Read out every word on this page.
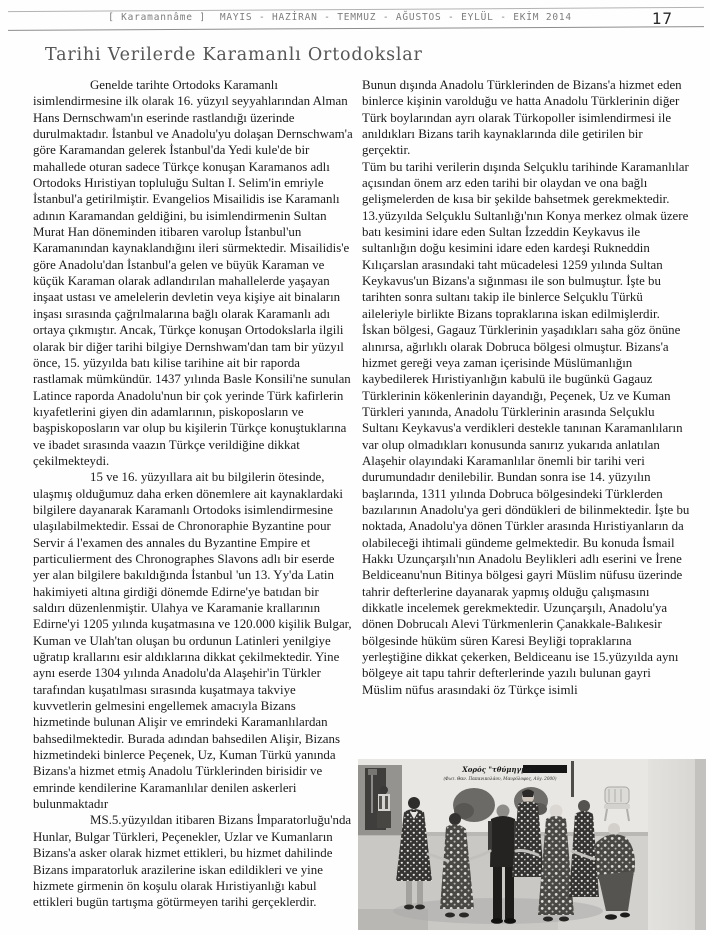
[ Karamannâme ] MAYIS - HAZİRAN - TEMMUZ - AĞUSTOS - EYLÜL - EKİM 2014	17
Tarihi Verilerde Karamanlı Ortodokslar

Genelde tarihte Ortodoks Karamanlı isimlendirmesine ilk olarak 16. yüzyıl seyyahlarından Alman Hans Dernschwam'ın eserinde rastlandığı üzerinde durulmaktadır. İstanbul ve Anadolu'yu dolaşan Dernschwam'a göre Karamandan gelerek İstanbul'da Yedi kule'de bir mahallede oturan sadece Türkçe konuşan Karamanos adlı Ortodoks Hıristiyan topluluğu Sultan I. Selim'in emriyle İstanbul'a getirilmiştir. Evangelios Misailidis ise Karamanlı adının Karamandan geldiğini, bu isimlendirmenin Sultan Murat Han döneminden itibaren varolup İstanbul'un Karamanından kaynaklandığını ileri sürmektedir. Misailidis'e göre Anadolu'dan İstanbul'a gelen ve büyük Karaman ve küçük Karaman olarak adlandırılan mahallelerde yaşayan inşaat ustası ve amelelerin devletin veya kişiye ait binaların inşası sırasında çağrılmalarına bağlı olarak Karamanlı adı ortaya çıkmıştır. Ancak, Türkçe konuşan Ortodokslarla ilgili olarak bir diğer tarihi bilgiye Dernshwam'dan tam bir yüzyıl önce, 15. yüzyılda batı kilise tarihine ait bir raporda rastlamak mümkündür. 1437 yılında Basle Konsili'ne sunulan Latince raporda Anadolu'nun bir çok yerinde Türk kafirlerin kıyafetlerini giyen din adamlarının, piskoposların ve başpiskoposların var olup bu kişilerin Türkçe konuştuklarına ve ibadet sırasında vaazın Türkçe verildiğine dikkat çekilmekteydi.

15 ve 16. yüzyıllara ait bu bilgilerin ötesinde, ulaşmış olduğumuz daha erken dönemlere ait kaynaklardaki bilgilere dayanarak Karamanlı Ortodoks isimlendirmesine ulaşılabilmektedir. Essai de Chronoraphie Byzantine pour Servir á l'examen des annales du Byzantine Empire et particulierment des Chronographes Slavons adlı bir eserde yer alan bilgilere bakıldığında İstanbul 'un 13. Yy'da Latin hakimiyeti altına girdiği dönemde Edirne'ye batıdan bir saldırı düzenlenmiştir. Ulahya ve Karamanie krallarının Edirne'yi 1205 yılında kuşatmasına ve 120.000 kişilik Bulgar, Kuman ve Ulah'tan oluşan bu ordunun Latinleri yenilgiye uğratıp krallarını esir aldıklarına dikkat çekilmektedir. Yine aynı eserde 1304 yılında Anadolu'da Alaşehir'in Türkler tarafından kuşatılması sırasında kuşatmaya takviye kuvvetlerin gelmesini engellemek amacıyla Bizans hizmetinde bulunan Alişir ve emrindeki Karamanlılardan bahsedilmektedir. Burada adından bahsedilen Alişir, Bizans hizmetindeki binlerce Peçenek, Uz, Kuman Türkü yanında Bizans'a hizmet etmiş Anadolu Türklerinden birisidir ve emrinde kendilerine Karamanlılar denilen askerleri bulunmaktadır

MS.5.yüzyıldan itibaren Bizans İmparatorluğu'nda Hunlar, Bulgar Türkleri, Peçenekler, Uzlar ve Kumanların Bizans'a asker olarak hizmet ettikleri, bu hizmet dahilinde Bizans imparatorluk arazilerine iskan edildikleri ve yine hizmete girmenin ön koşulu olarak Hıristiyanlığı kabul ettikleri bugün tartışma götürmeyen tarihi gerçeklerdir.

Bunun dışında Anadolu Türklerinden de Bizans'a hizmet eden binlerce kişinin varolduğu ve hatta Anadolu Türklerinin diğer Türk boylarından ayrı olarak Türkopoller isimlendirmesi ile anıldıkları Bizans tarih kaynaklarında dile getirilen bir gerçektir.

Tüm bu tarihi verilerin dışında Selçuklu tarihinde Karamanlılar açısından önem arz eden tarihi bir olaydan ve ona bağlı gelişmelerden de kısa bir şekilde bahsetmek gerekmektedir. 13.yüzyılda Selçuklu Sultanlığı'nın Konya merkez olmak üzere batı kesimini idare eden Sultan İzzeddin Keykavus ile sultanlığın doğu kesimini idare eden kardeşi Rukneddin Kılıçarslan arasındaki taht mücadelesi 1259 yılında Sultan Keykavus'un Bizans'a sığınması ile son bulmuştur. İşte bu tarihten sonra sultanı takip ile binlerce Selçuklu Türkü aileleriyle birlikte Bizans topraklarına iskan edilmişlerdir. İskan bölgesi, Gagauz Türklerinin yaşadıkları saha göz önüne alınırsa, ağırlıklı olarak Dobruca bölgesi olmuştur. Bizans'a hizmet gereği veya zaman içerisinde Müslümanlığın kaybedilerek Hıristiyanlığın kabulü ile bugünkü Gagauz Türklerinin kökenlerinin dayandığı, Peçenek, Uz ve Kuman Türkleri yanında, Anadolu Türklerinin arasında Selçuklu Sultanı Keykavus'a verdikleri destekle tanınan Karamanlıların var olup olmadıkları konusunda sanırız yukarıda anlatılan Alaşehir olayındaki Karamanlılar önemli bir tarihi veri durumundadır denilebilir. Bundan sonra ise 14. yüzyılın başlarında, 1311 yılında Dobruca bölgesindeki Türklerden bazılarının Anadolu'ya geri döndükleri de bilinmektedir. İşte bu noktada, Anadolu'ya dönen Türkler arasında Hıristiyanların da olabileceği ihtimali gündeme gelmektedir. Bu konuda İsmail Hakkı Uzunçarşılı'nın Anadolu Beylikleri adlı eserini ve İrene Beldiceanu'nun Bitinya bölgesi gayri Müslim nüfusu üzerinde tahrir defterlerine dayanarak yapmış olduğu çalışmasını dikkatle incelemek gerekmektedir. Uzunçarşılı, Anadolu'ya dönen Dobrucalı Alevi Türkmenlerin Çanakkale-Balıkesir bölgesinde hüküm süren Karesi Beyliği topraklarına yerleştiğine dikkat çekerken, Beldiceanu ise 15.yüzyılda aynı bölgeye ait tapu tahrir defterlerinde yazılı bulunan gayri Müslim nüfus arasındaki öz Türkçe isimli

Χορός "τθύμηγμα".
(Φωτ. Θαν. Παπανικολάου, Μαυρόλοφος, Αύγ. 2000)
